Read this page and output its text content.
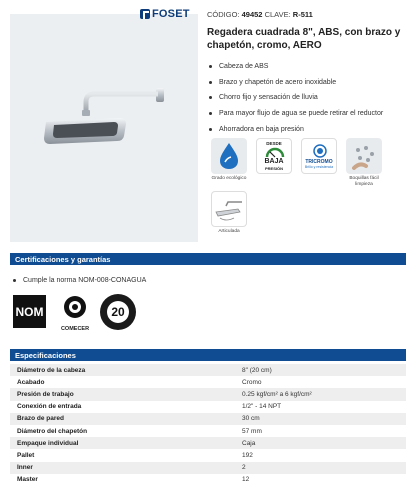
FOSET CÓDIGO: 49452 CLAVE: R-511
Regadera cuadrada 8", ABS, con brazo y chapetón, cromo, AERO
Cabeza de ABS
Brazo y chapetón de acero inoxidable
Chorro fijo y sensación de lluvia
Para mayor flujo de agua se puede retirar el reductor
Ahorradora en baja presión
Grado ecológico
DESDE
BAJA
PRESIÓN
TRICROMO
Brillo y resistencia
Boquillas fácil limpieza
Articulada
Certificaciones y garantías
Cumple la norma NOM-008-CONAGUA
NOM
COMECER
20
Especificaciones
Diámetro de la cabeza	8" (20 cm)
Acabado	Cromo
Presión de trabajo	0.25 kgf/cm² a 6 kgf/cm²
Conexión de entrada	1/2" - 14 NPT
Brazo de pared	30 cm
Diámetro del chapetón	57 mm
Empaque individual	Caja
Pallet	192
Inner	2
Master	12
